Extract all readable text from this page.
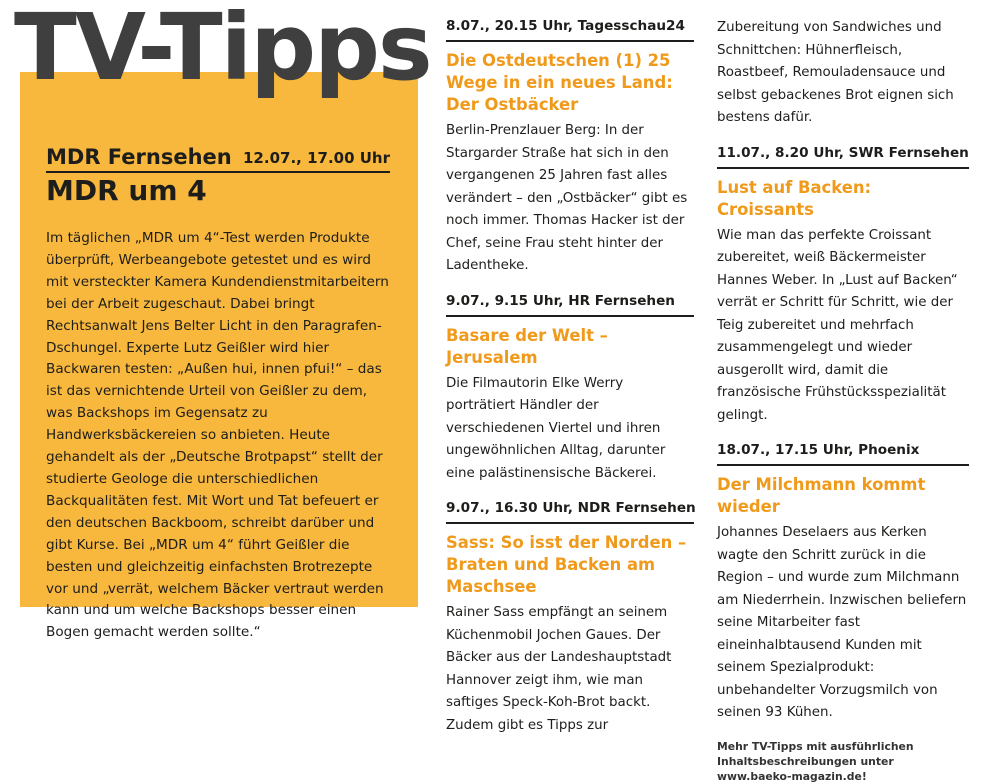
TV-Tipps
MDR Fernsehen 12.07., 17.00 Uhr
MDR um 4

Im täglichen „MDR um 4“-Test werden Produkte überprüft, Werbeangebote getestet und es wird mit versteckter Kamera Kundendienstmitarbeitern bei der Arbeit zugeschaut. Dabei bringt Rechtsanwalt Jens Belter Licht in den Paragrafen-Dschungel. Experte Lutz Geißler wird hier Backwaren testen: „Außen hui, innen pfui!“ – das ist das vernichtende Urteil von Geißler zu dem, was Backshops im Gegensatz zu Handwerksbäckereien so anbieten. Heute gehandelt als der „Deutsche Brotpapst“ stellt der studierte Geologe die unterschiedlichen Backqualitäten fest. Mit Wort und Tat befeuert er den deutschen Backboom, schreibt darüber und gibt Kurse. Bei „MDR um 4“ führt Geißler die besten und gleichzeitig einfachsten Brotrezepte vor und „verrät, welchem Bäcker vertraut werden kann und um welche Backshops besser einen Bogen gemacht werden sollte.“

8.07., 20.15 Uhr, Tagesschau24
Die Ostdeutschen (1) 25 Wege in ein neues Land: Der Ostbäcker

Berlin-Prenzlauer Berg: In der Stargarder Straße hat sich in den vergangenen 25 Jahren fast alles verändert – den „Ostbäcker“ gibt es noch immer. Thomas Hacker ist der Chef, seine Frau steht hinter der Ladentheke.

9.07., 9.15 Uhr, HR Fernsehen
Basare der Welt – Jerusalem

Die Filmautorin Elke Werry porträtiert Händler der verschiedenen Viertel und ihren ungewöhnlichen Alltag, darunter eine palästinensische Bäckerei.

9.07., 16.30 Uhr, NDR Fernsehen
Sass: So isst der Norden – Braten und Backen am Maschsee

Rainer Sass empfängt an seinem Küchenmobil Jochen Gaues. Der Bäcker aus der Landeshauptstadt Hannover zeigt ihm, wie man saftiges Speck-Koh-Brot backt. Zudem gibt es Tipps zur

Zubereitung von Sandwiches und Schnittchen: Hühnerfleisch, Roastbeef, Remouladensauce und selbst gebackenes Brot eignen sich bestens dafür.

11.07., 8.20 Uhr, SWR Fernsehen
Lust auf Backen: Croissants

Wie man das perfekte Croissant zubereitet, weiß Bäckermeister Hannes Weber. In „Lust auf Backen“ verrät er Schritt für Schritt, wie der Teig zubereitet und mehrfach zusammengelegt und wieder ausgerollt wird, damit die französische Frühstücksspezialität gelingt.

18.07., 17.15 Uhr, Phoenix
Der Milchmann kommt wieder

Johannes Deselaers aus Kerken wagte den Schritt zurück in die Region – und wurde zum Milchmann am Niederrhein. Inzwischen beliefern seine Mitarbeiter fast eineinhalbtausend Kunden mit seinem Spezialprodukt: unbehandelter Vorzugsmilch von seinen 93 Kühen.

Mehr TV-Tipps mit ausführlichen Inhaltsbeschreibungen unter www.baeko-magazin.de!
